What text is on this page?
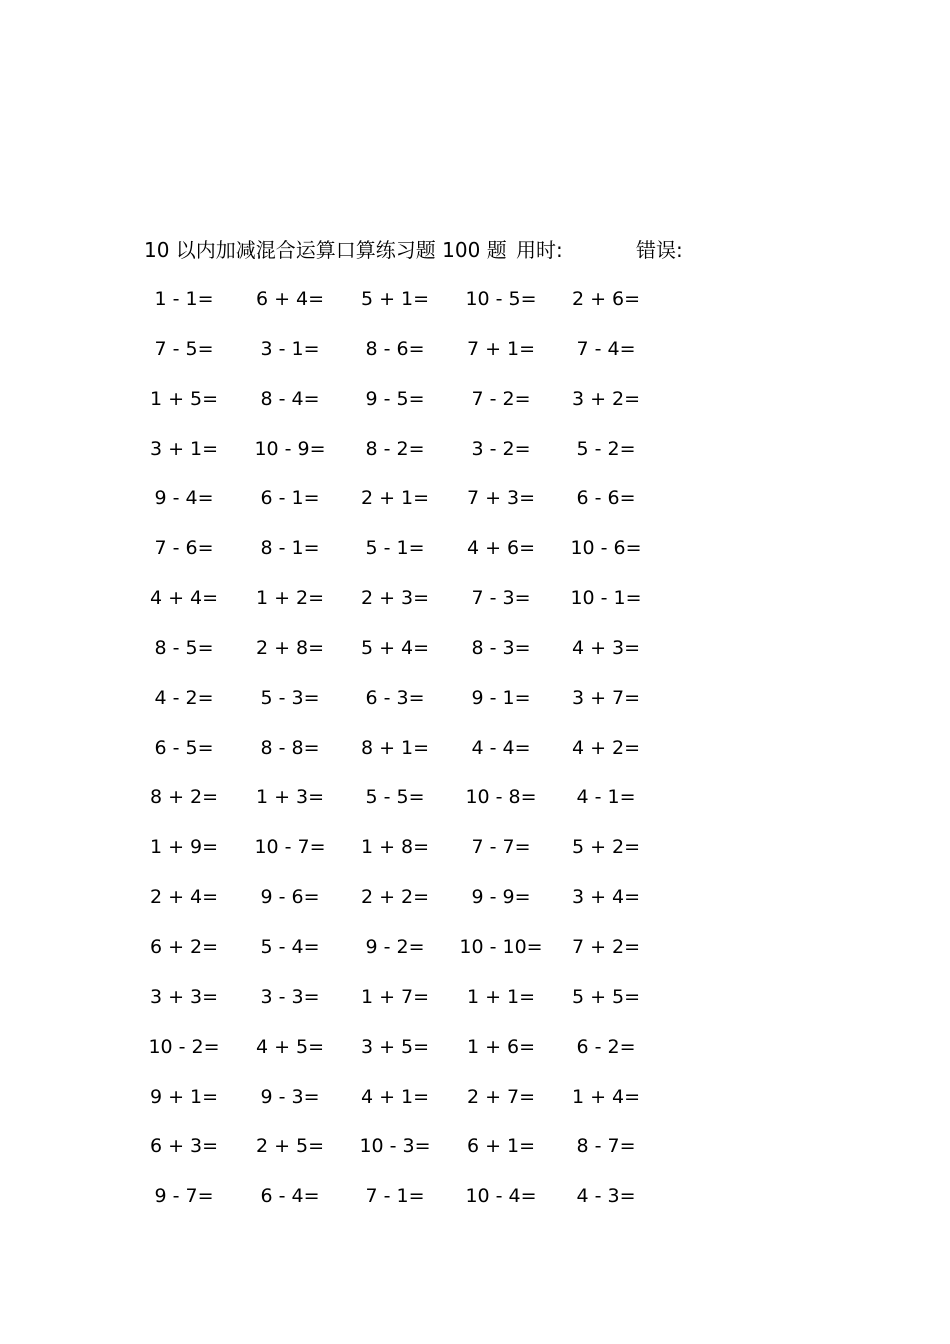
10 以内加减混合运算口算练习题 100 题 用时:	错误:
1 - 1=	6 + 4=	5 + 1=	10 - 5=	2 + 6=
7 - 5=	3 - 1=	8 - 6=	7 + 1=	7 - 4=
1 + 5=	8 - 4=	9 - 5=	7 - 2=	3 + 2=
3 + 1=	10 - 9=	8 - 2=	3 - 2=	5 - 2=
9 - 4=	6 - 1=	2 + 1=	7 + 3=	6 - 6=
7 - 6=	8 - 1=	5 - 1=	4 + 6=	10 - 6=
4 + 4=	1 + 2=	2 + 3=	7 - 3=	10 - 1=
8 - 5=	2 + 8=	5 + 4=	8 - 3=	4 + 3=
4 - 2=	5 - 3=	6 - 3=	9 - 1=	3 + 7=
6 - 5=	8 - 8=	8 + 1=	4 - 4=	4 + 2=
8 + 2=	1 + 3=	5 - 5=	10 - 8=	4 - 1=
1 + 9=	10 - 7=	1 + 8=	7 - 7=	5 + 2=
2 + 4=	9 - 6=	2 + 2=	9 - 9=	3 + 4=
6 + 2=	5 - 4=	9 - 2=	10 - 10=	7 + 2=
3 + 3=	3 - 3=	1 + 7=	1 + 1=	5 + 5=
10 - 2=	4 + 5=	3 + 5=	1 + 6=	6 - 2=
9 + 1=	9 - 3=	4 + 1=	2 + 7=	1 + 4=
6 + 3=	2 + 5=	10 - 3=	6 + 1=	8 - 7=
9 - 7=	6 - 4=	7 - 1=	10 - 4=	4 - 3=
